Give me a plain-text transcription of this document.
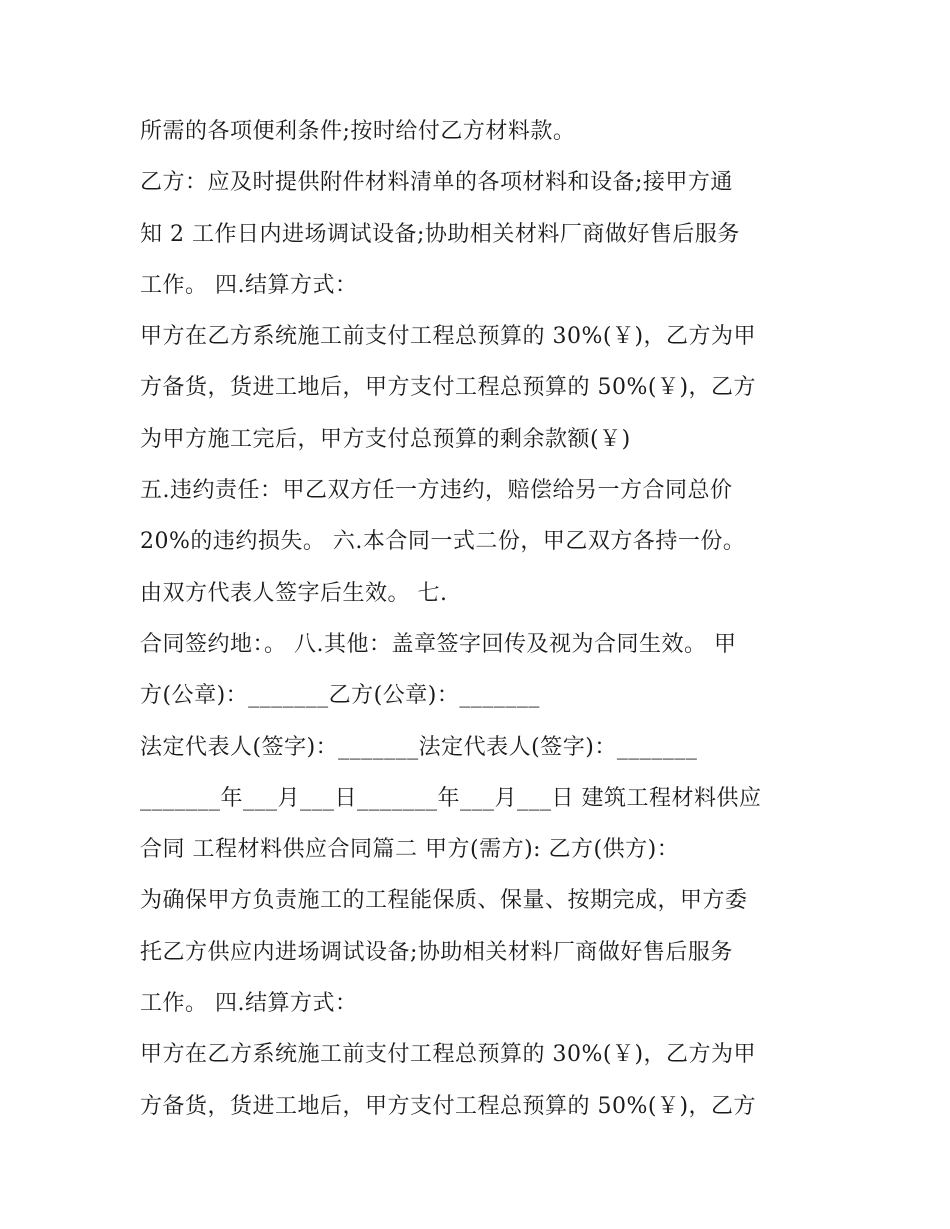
所需的各项便利条件;按时给付乙方材料款。
乙方：应及时提供附件材料清单的各项材料和设备;接甲方通
知 2 工作日内进场调试设备;协助相关材料厂商做好售后服务
工作。 四.结算方式：
甲方在乙方系统施工前支付工程总预算的 30%(￥)，乙方为甲
方备货，货进工地后，甲方支付工程总预算的 50%(￥)，乙方
为甲方施工完后，甲方支付总预算的剩余款额(￥)
五.违约责任：甲乙双方任一方违约，赔偿给另一方合同总价
20%的违约损失。 六.本合同一式二份，甲乙双方各持一份。
由双方代表人签字后生效。 七.
合同签约地：。 八.其他：盖章签字回传及视为合同生效。 甲
方(公章)：_______乙方(公章)：_______
法定代表人(签字)：_______法定代表人(签字)：_______
_______年___月___日_______年___月___日 建筑工程材料供应
合同 工程材料供应合同篇二 甲方(需方): 乙方(供方)：
为确保甲方负责施工的工程能保质、保量、按期完成，甲方委
托乙方供应内进场调试设备;协助相关材料厂商做好售后服务
工作。 四.结算方式：
甲方在乙方系统施工前支付工程总预算的 30%(￥)，乙方为甲
方备货，货进工地后，甲方支付工程总预算的 50%(￥)，乙方
